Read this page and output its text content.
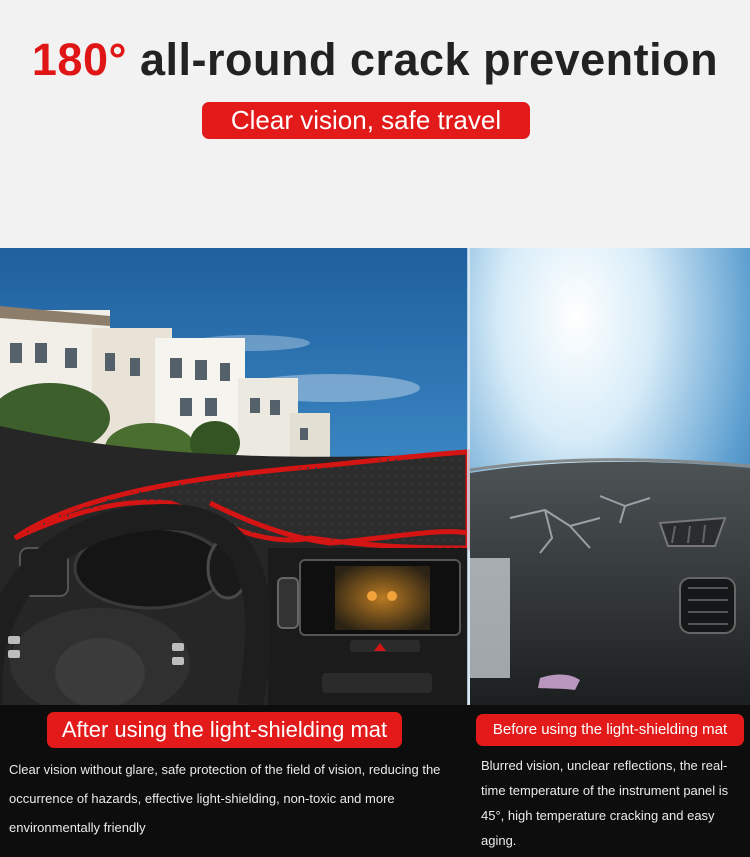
180° all-round crack prevention
Clear vision, safe travel
After using the light-shielding mat	Before using the light-shielding mat
Clear vision without glare, safe protection of the field of vision, reducing the occurrence of hazards, effective light-shielding, non-toxic and more environmentally friendly
Blurred vision, unclear reflections, the real-time temperature of the instrument panel is 45°, high temperature cracking and easy aging.
